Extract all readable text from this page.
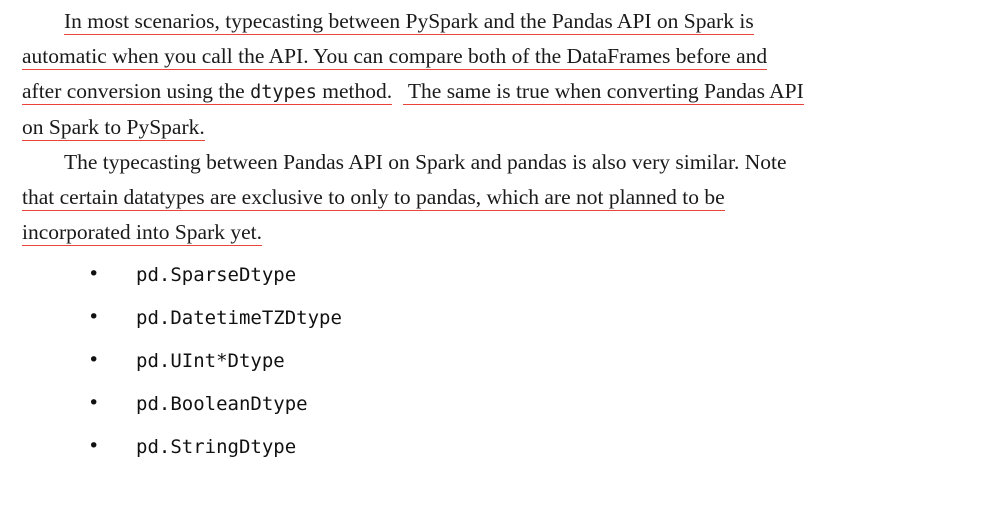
In most scenarios, typecasting between PySpark and the Pandas API on Spark is
automatic when you call the API. You can compare both of the DataFrames before and
after conversion using the dtypes method.   The same is true when converting Pandas API
on Spark to PySpark.

The typecasting between Pandas API on Spark and pandas is also very similar. Note
that certain datatypes are exclusive to only to pandas, which are not planned to be
incorporated into Spark yet.

• pd.SparseDtype
• pd.DatetimeTZDtype
• pd.UInt*Dtype
• pd.BooleanDtype
• pd.StringDtype
